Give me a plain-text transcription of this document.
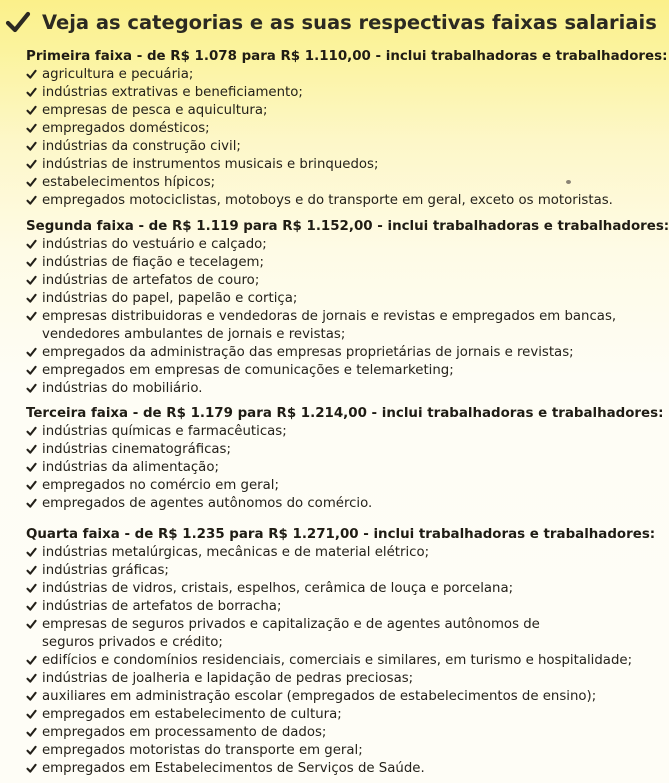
Veja as categorias e as suas respectivas faixas salariais
Primeira faixa - de R$ 1.078 para R$ 1.110,00 - inclui trabalhadoras e trabalhadores:
agricultura e pecuária;
indústrias extrativas e beneficiamento;
empresas de pesca e aquicultura;
empregados domésticos;
indústrias da construção civil;
indústrias de instrumentos musicais e brinquedos;
estabelecimentos hípicos;
empregados motociclistas, motoboys e do transporte em geral, exceto os motoristas.
Segunda faixa - de R$ 1.119 para R$ 1.152,00 - inclui trabalhadoras e trabalhadores:
indústrias do vestuário e calçado;
indústrias de fiação e tecelagem;
indústrias de artefatos de couro;
indústrias do papel, papelão e cortiça;
empresas distribuidoras e vendedoras de jornais e revistas e empregados em bancas,
vendedores ambulantes de jornais e revistas;
empregados da administração das empresas proprietárias de jornais e revistas;
empregados em empresas de comunicações e telemarketing;
indústrias do mobiliário.
Terceira faixa - de R$ 1.179 para R$ 1.214,00 - inclui trabalhadoras e trabalhadores:
indústrias químicas e farmacêuticas;
indústrias cinematográficas;
indústrias da alimentação;
empregados no comércio em geral;
empregados de agentes autônomos do comércio.
Quarta faixa - de R$ 1.235 para R$ 1.271,00 - inclui trabalhadoras e trabalhadores:
indústrias metalúrgicas, mecânicas e de material elétrico;
indústrias gráficas;
indústrias de vidros, cristais, espelhos, cerâmica de louça e porcelana;
indústrias de artefatos de borracha;
empresas de seguros privados e capitalização e de agentes autônomos de
seguros privados e crédito;
edifícios e condomínios residenciais, comerciais e similares, em turismo e hospitalidade;
indústrias de joalheria e lapidação de pedras preciosas;
auxiliares em administração escolar (empregados de estabelecimentos de ensino);
empregados em estabelecimento de cultura;
empregados em processamento de dados;
empregados motoristas do transporte em geral;
empregados em Estabelecimentos de Serviços de Saúde.
